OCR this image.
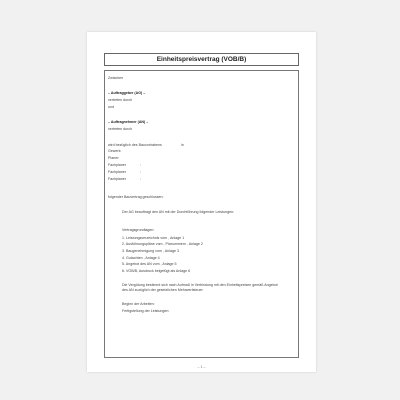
Einheitspreisvertrag (VOB/B)
Zwischen
– Auftraggeber (AG) –
vertreten durch
und
– Auftragnehmer (AN) –
vertreten durch
wird bezüglich des Bauvorhabens	in
Gewerk:
Planer:
Fachplaner	:
Fachplaner	:
Fachplaner	:
folgender Bauvertrag geschlossen:
Der AG beauftragt den AN mit der Durchführung folgender Leistungen:
Vertragsgrundlagen:
1. Leistungsverzeichnis vom , Anlage 1
2. Ausführungspläne vom , Planummern , Anlage 2
3. Baugenehmigung vom , Anlage 3
4. Gutachten , Anlage 4
5. Angebot des AN vom , Anlage 5
6. VOB/B, Ausdruck beigefügt als Anlage 6
Die Vergütung bestimmt sich nach Aufmaß in Verbindung mit den Einheitspreisen gemäß Angebot
des AN zuzüglich der gesetzlichen Mehrwertsteuer.
Beginn der Arbeiten:
Fertigstellung der Leistungen:
– 1 –
